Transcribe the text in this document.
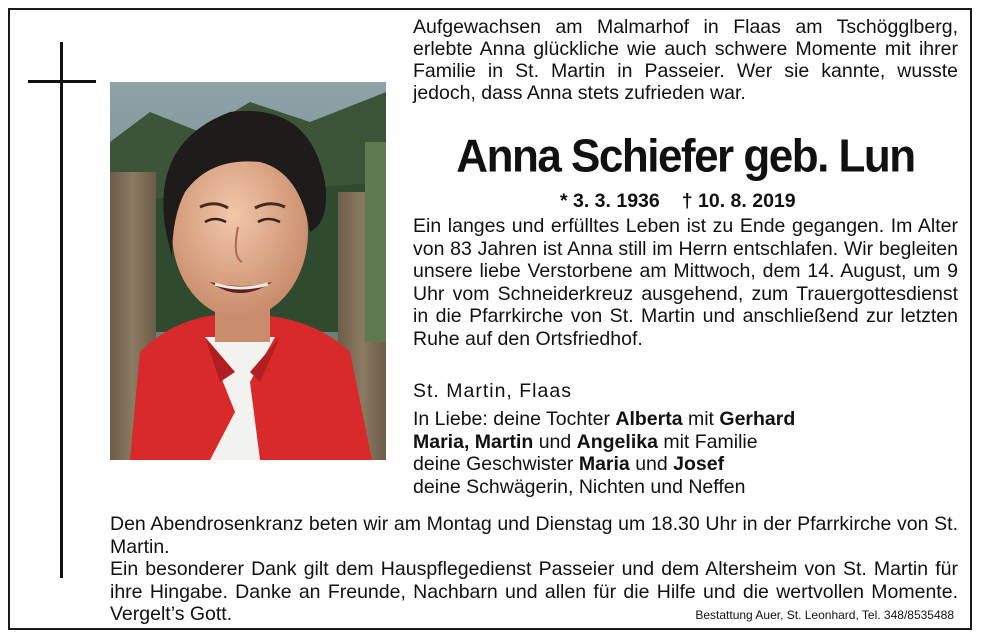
Aufgewachsen am Malmarhof in Flaas am Tschögglberg, erlebte Anna glückliche wie auch schwere Momente mit ihrer Familie in St. Martin in Passeier. Wer sie kannte, wusste jedoch, dass Anna stets zufrieden war.
Anna Schiefer geb. Lun
* 3. 3. 1936 † 10. 8. 2019
Ein langes und erfülltes Leben ist zu Ende gegangen. Im Alter von 83 Jahren ist Anna still im Herrn entschlafen. Wir begleiten unsere liebe Verstorbene am Mittwoch, dem 14. August, um 9 Uhr vom Schneiderkreuz ausgehend, zum Trauergottesdienst in die Pfarrkirche von St. Martin und anschließend zur letzten Ruhe auf den Ortsfriedhof.
St. Martin, Flaas
In Liebe: deine Tochter Alberta mit Gerhard
Maria, Martin und Angelika mit Familie
deine Geschwister Maria und Josef
deine Schwägerin, Nichten und Neffen
Den Abendrosenkranz beten wir am Montag und Dienstag um 18.30 Uhr in der Pfarrkirche von St. Martin.
Ein besonderer Dank gilt dem Hauspflegedienst Passeier und dem Altersheim von St. Martin für ihre Hingabe. Danke an Freunde, Nachbarn und allen für die Hilfe und die wertvollen Momente. Vergelt’s Gott.	Bestattung Auer, St. Leonhard, Tel. 348/8535488
